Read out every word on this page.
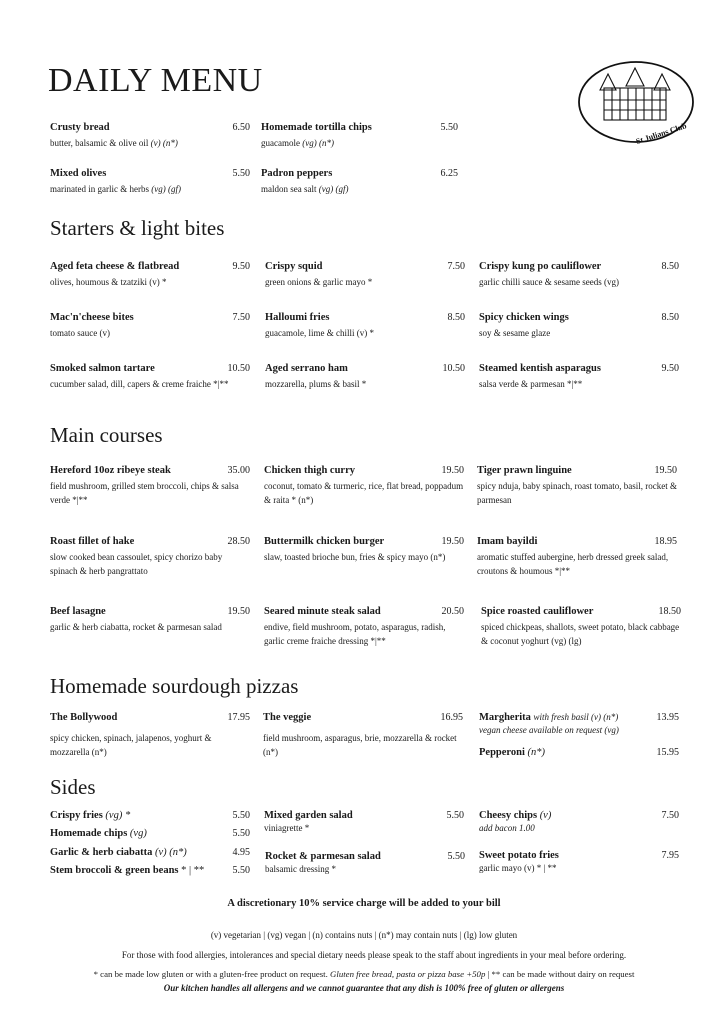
DAILY MENU
St Julians Club
Crusty bread	6.50
butter, balsamic & olive oil (v) (n*)
Homemade tortilla chips	5.50
guacamole (vg) (n*)
Mixed olives	5.50
marinated in garlic & herbs (vg) (gf)
Padron peppers	6.25
maldon sea salt (vg) (gf)
Starters & light bites
Aged feta cheese & flatbread	9.50
olives, houmous & tzatziki (v) *
Crispy squid	7.50
green onions & garlic mayo *
Crispy kung po cauliflower	8.50
garlic chilli sauce & sesame seeds (vg)
Mac'n'cheese bites	7.50
tomato sauce (v)
Halloumi fries	8.50
guacamole, lime & chilli (v) *
Spicy chicken wings	8.50
soy & sesame glaze
Smoked salmon tartare	10.50
cucumber salad, dill, capers & creme fraiche *|**
Aged serrano ham	10.50
mozzarella, plums & basil *
Steamed kentish asparagus	9.50
salsa verde & parmesan *|**
Main courses
Hereford 10oz ribeye steak	35.00
field mushroom, grilled stem broccoli, chips & salsa verde *|**
Chicken thigh curry	19.50
coconut, tomato & turmeric, rice, flat bread, poppadum & raita * (n*)
Tiger prawn linguine	19.50
spicy nduja, baby spinach, roast tomato, basil, rocket & parmesan
Roast fillet of hake	28.50
slow cooked bean cassoulet, spicy chorizo baby spinach & herb pangrattato
Buttermilk chicken burger	19.50
slaw, toasted brioche bun, fries & spicy mayo (n*)
Imam bayildi	18.95
aromatic stuffed aubergine, herb dressed greek salad, croutons & houmous *|**
Beef lasagne	19.50
garlic & herb ciabatta, rocket & parmesan salad
Seared minute steak salad	20.50
endive, field mushroom, potato, asparagus, radish, garlic creme fraiche dressing *|**
Spice roasted cauliflower	18.50
spiced chickpeas, shallots, sweet potato, black cabbage & coconut yoghurt (vg) (lg)
Homemade sourdough pizzas
The Bollywood	17.95
spicy chicken, spinach, jalapenos, yoghurt & mozzarella (n*)
The veggie	16.95
field mushroom, asparagus, brie, mozzarella & rocket (n*)
Margherita with fresh basil (v) (n*)	13.95
vegan cheese available on request (vg)
Pepperoni (n*)	15.95
Sides
Crispy fries (vg) *	5.50
Homemade chips (vg)	5.50
Garlic & herb ciabatta (v) (n*)	4.95
Stem broccoli & green beans * | **	5.50
Mixed garden salad	5.50
viniagrette *
Rocket & parmesan salad	5.50
balsamic dressing *
Cheesy chips (v)	7.50
add bacon 1.00
Sweet potato fries	7.95
garlic mayo (v) * | **
A discretionary 10% service charge will be added to your bill
(v) vegetarian | (vg) vegan | (n) contains nuts | (n*) may contain nuts | (lg) low gluten
For those with food allergies, intolerances and special dietary needs please speak to the staff about ingredients in your meal before ordering.
* can be made low gluten or with a gluten-free product on request. Gluten free bread, pasta or pizza base +50p | ** can be made without dairy on request
Our kitchen handles all allergens and we cannot guarantee that any dish is 100% free of gluten or allergens
